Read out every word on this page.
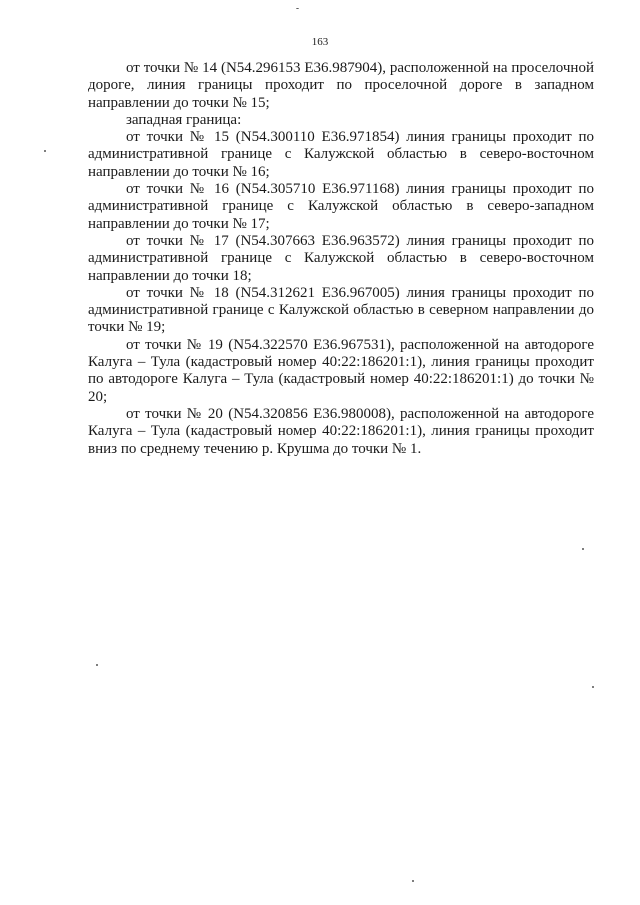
163

от точки № 14 (N54.296153 E36.987904), расположенной на проселочной дороге, линия границы проходит по проселочной дороге в западном направлении до точки № 15;

западная граница:

от точки № 15 (N54.300110 E36.971854) линия границы проходит по административной границе с Калужской областью в северо-восточном направлении до точки № 16;

от точки № 16 (N54.305710 E36.971168) линия границы проходит по административной границе с Калужской областью в северо-западном направлении до точки № 17;

от точки № 17 (N54.307663 E36.963572) линия границы проходит по административной границе с Калужской областью в северо-восточном направлении до точки 18;

от точки № 18 (N54.312621 E36.967005) линия границы проходит по административной границе с Калужской областью в северном направлении до точки № 19;

от точки № 19 (N54.322570 E36.967531), расположенной на автодороге Калуга – Тула (кадастровый номер 40:22:186201:1), линия границы проходит по автодороге Калуга – Тула (кадастровый номер 40:22:186201:1) до точки № 20;

от точки № 20 (N54.320856 E36.980008), расположенной на автодороге Калуга – Тула (кадастровый номер 40:22:186201:1), линия границы проходит вниз по среднему течению р. Крушма до точки № 1.
